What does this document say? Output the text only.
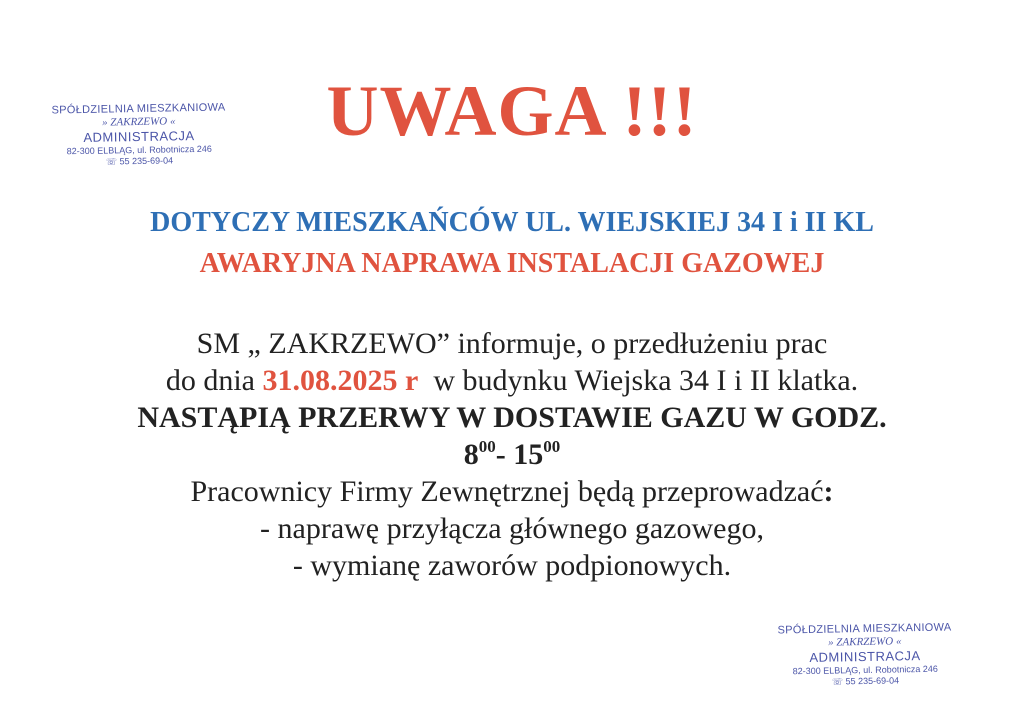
SPÓŁDZIELNIA MIESZKANIOWA
» ZAKRZEWO «
ADMINISTRACJA
82-300 ELBLĄG, ul. Robotnicza 246
☏ 55 235-69-04
UWAGA !!!
DOTYCZY MIESZKAŃCÓW UL. WIEJSKIEJ 34 I i II KL
AWARYJNA NAPRAWA INSTALACJI GAZOWEJ
SM „ ZAKRZEWO” informuje, o przedłużeniu prac
do dnia 31.08.2025 r  w budynku Wiejska 34 I i II klatka.
NASTĄPIĄ PRZERWY W DOSTAWIE GAZU W GODZ.
$8^{00}-$ $15^{00}$
Pracownicy Firmy Zewnętrznej będą przeprowadzać:
- naprawę przyłącza głównego gazowego,
- wymianę zaworów podpionowych.
SPÓŁDZIELNIA MIESZKANIOWA
» ZAKRZEWO «
ADMINISTRACJA
82-300 ELBLĄG, ul. Robotnicza 246
☏ 55 235-69-04
